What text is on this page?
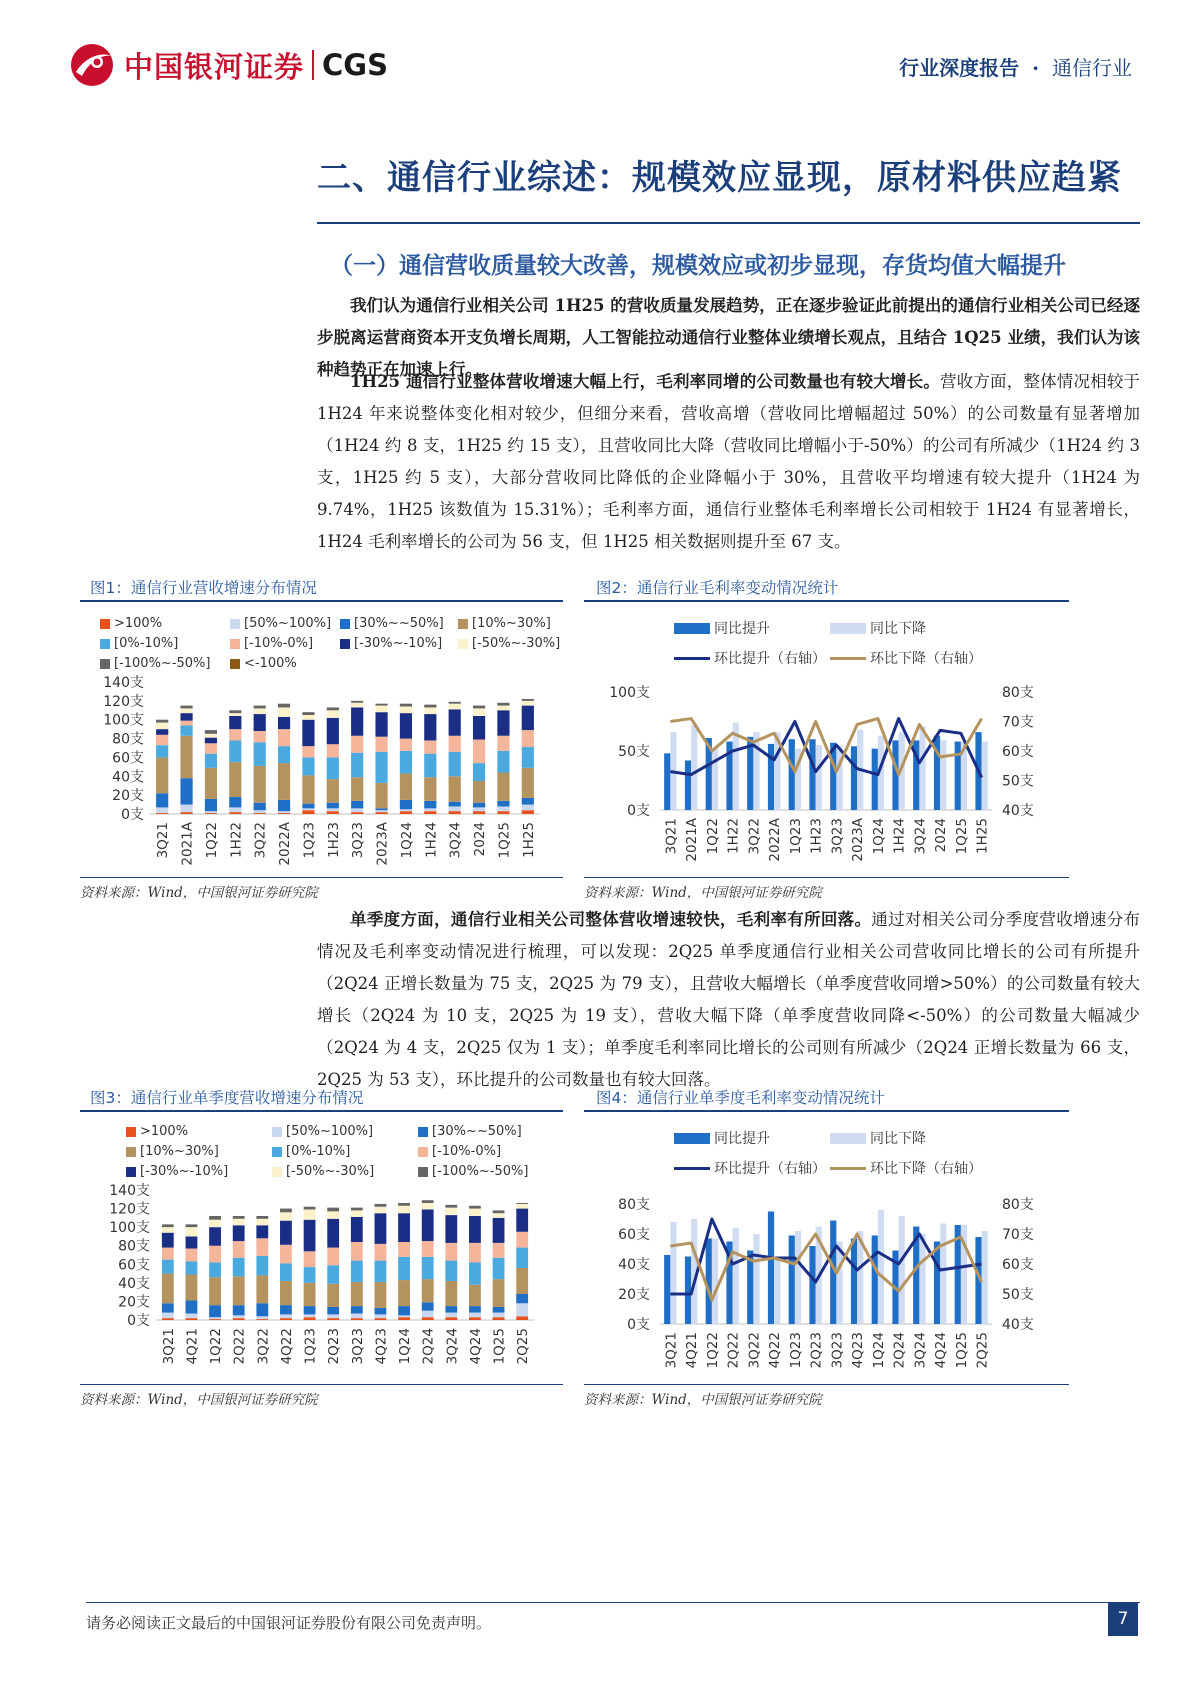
中国银河证券 CGS	行业深度报告 · 通信行业
二、通信行业综述：规模效应显现，原材料供应趋紧
（一）通信营收质量较大改善，规模效应或初步显现，存货均值大幅提升

我们认为通信行业相关公司 1H25 的营收质量发展趋势，正在逐步验证此前提出的通信行业相关公司已经逐步脱离运营商资本开支负增长周期，人工智能拉动通信行业整体业绩增长观点，且结合 1Q25 业绩，我们认为该种趋势正在加速上行。

1H25 通信行业整体营收增速大幅上行，毛利率同增的公司数量也有较大增长。营收方面，整体情况相较于 1H24 年来说整体变化相对较少，但细分来看，营收高增（营收同比增幅超过 50%）的公司数量有显著增加（1H24 约 8 支，1H25 约 15 支），且营收同比大降（营收同比增幅小于-50%）的公司有所减少（1H24 约 3 支，1H25 约 5 支），大部分营收同比降低的企业降幅小于 30%，且营收平均增速有较大提升（1H24 为 9.74%，1H25 该数值为 15.31%）；毛利率方面，通信行业整体毛利率增长公司相较于 1H24 有显著增长，1H24 毛利率增长的公司为 56 支，但 1H25 相关数据则提升至 67 支。

图1：通信行业营收增速分布情况
>100%	[50%~100%] [30%~~50%] [10%~30%]
[0%-10%]	[-10%-0%]	[-30%~-10%] [-50%~-30%]
[-100%~-50%]	<-100%
0支
20支
40支
60支
80支
100支
120支
140支
3Q21 2021A 1Q22 1H22 3Q22 2022A 1Q23 1H23 3Q23 2023A 1Q24 1H24 3Q24 2024 1Q25 1H25
资料来源：Wind，中国银河证券研究院
图2：通信行业毛利率变动情况统计
同比提升	同比下降
环比提升（右轴）	环比下降（右轴）
0支
50支
100支
40支
50支
60支
70支
80支
3Q21 2021A 1Q22 1H22 3Q22 2022A 1Q23 1H23 3Q23 2023A 1Q24 1H24 3Q24 2024 1Q25 1H25
资料来源：Wind，中国银河证券研究院

单季度方面，通信行业相关公司整体营收增速较快，毛利率有所回落。通过对相关公司分季度营收增速分布情况及毛利率变动情况进行梳理，可以发现：2Q25 单季度通信行业相关公司营收同比增长的公司有所提升（2Q24 正增长数量为 75 支，2Q25 为 79 支），且营收大幅增长（单季度营收同增>50%）的公司数量有较大增长（2Q24 为 10 支，2Q25 为 19 支），营收大幅下降（单季度营收同降<-50%）的公司数量大幅减少（2Q24 为 4 支，2Q25 仅为 1 支）；单季度毛利率同比增长的公司则有所减少（2Q24 正增长数量为 66 支，2Q25 为 53 支），环比提升的公司数量也有较大回落。

图3：通信行业单季度营收增速分布情况
>100%	[50%~100%]	[30%~~50%]
[10%~30%]	[0%-10%]	[-10%-0%]
[-30%~-10%]	[-50%~-30%]	[-100%~-50%]
0支
20支
40支
60支
80支
100支
120支
140支
3Q21 4Q21 1Q22 2Q22 3Q22 4Q22 1Q23 2Q23 3Q23 4Q23 1Q24 2Q24 3Q24 4Q24 1Q25 2Q25
资料来源：Wind，中国银河证券研究院
图4：通信行业单季度毛利率变动情况统计
同比提升	同比下降
环比提升（右轴）	环比下降（右轴）
0支
20支
40支
60支
80支
40支
50支
60支
70支
80支
3Q21 4Q21 1Q22 2Q22 3Q22 4Q22 1Q23 2Q23 3Q23 4Q23 1Q24 2Q24 3Q24 4Q24 1Q25 2Q25
资料来源：Wind，中国银河证券研究院
请务必阅读正文最后的中国银河证券股份有限公司免责声明。	7
